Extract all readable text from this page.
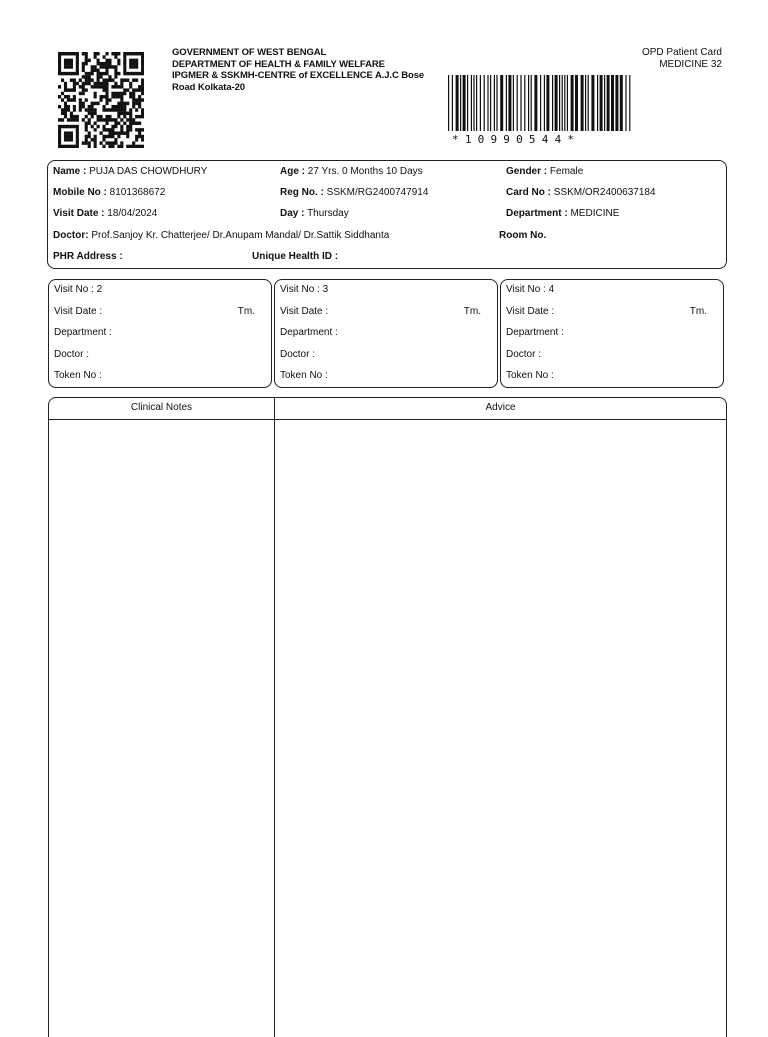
GOVERNMENT OF WEST BENGAL
DEPARTMENT OF HEALTH & FAMILY WELFARE
IPGMER & SSKMH-CENTRE of EXCELLENCE A.J.C Bose
Road Kolkata-20
*10990544*
OPD Patient Card
MEDICINE 32
Name : PUJA DAS CHOWDHURY	Age : 27 Yrs. 0 Months 10 Days	Gender : Female
Mobile No : 8101368672	Reg No. : SSKM/RG2400747914	Card No : SSKM/OR2400637184
Visit Date : 18/04/2024	Day : Thursday	Department : MEDICINE
Doctor: Prof.Sanjoy Kr. Chatterjee/ Dr.Anupam Mandal/ Dr.Sattik Siddhanta	Room No.
PHR Address :	Unique Health ID :
Visit No : 2
Visit Date :	Tm.
Department :
Doctor :
Token No :
Visit No : 3
Visit Date :	Tm.
Department :
Doctor :
Token No :
Visit No : 4
Visit Date :	Tm.
Department :
Doctor :
Token No :
Clinical Notes	Advice
